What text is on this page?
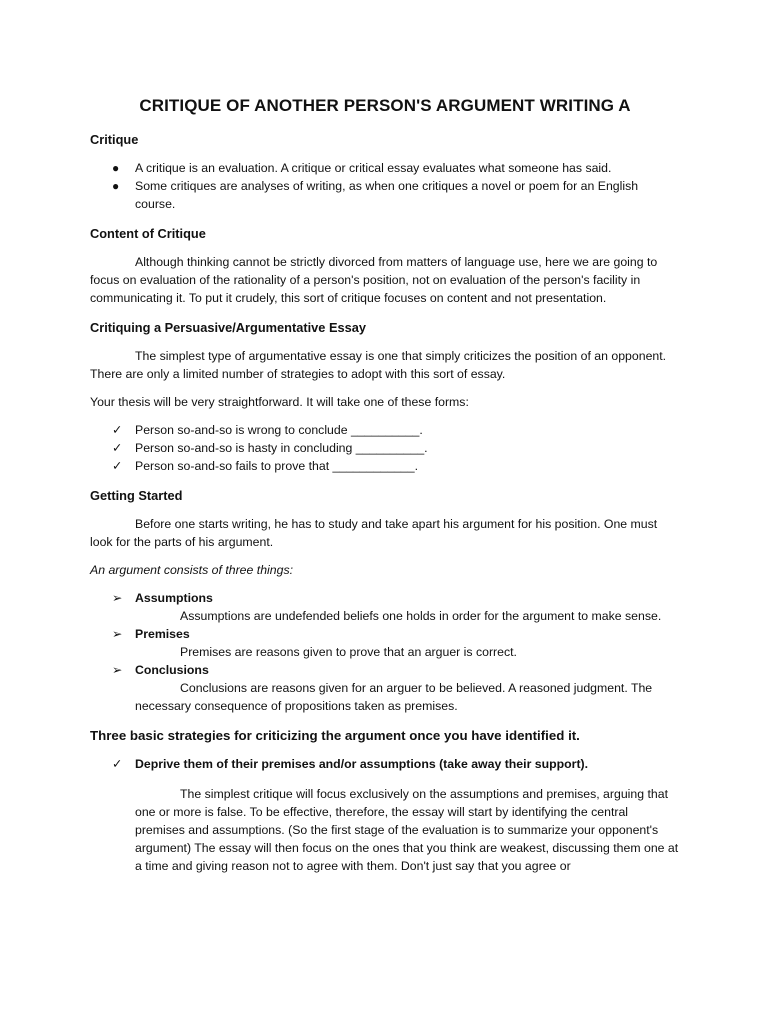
CRITIQUE OF ANOTHER PERSON'S ARGUMENT WRITING A
Critique
●	A critique is an evaluation. A critique or critical essay evaluates what someone has said.
●	Some critiques are analyses of writing, as when one critiques a novel or poem for an English course.
Content of Critique

Although thinking cannot be strictly divorced from matters of language use, here we are going to focus on evaluation of the rationality of a person's position, not on evaluation of the person's facility in communicating it. To put it crudely, this sort of critique focuses on content and not presentation.

Critiquing a Persuasive/Argumentative Essay

The simplest type of argumentative essay is one that simply criticizes the position of an opponent. There are only a limited number of strategies to adopt with this sort of essay.

Your thesis will be very straightforward. It will take one of these forms:

✓	Person so-and-so is wrong to conclude __________.
✓	Person so-and-so is hasty in concluding __________.
✓	Person so-and-so fails to prove that ____________.
Getting Started

Before one starts writing, he has to study and take apart his argument for his position. One must look for the parts of his argument.

An argument consists of three things:

➢	Assumptions
Assumptions are undefended beliefs one holds in order for the argument to make sense.
➢	Premises
Premises are reasons given to prove that an arguer is correct.
➢	Conclusions
Conclusions are reasons given for an arguer to be believed. A reasoned judgment. The necessary consequence of propositions taken as premises.
Three basic strategies for criticizing the argument once you have identified it.
✓	Deprive them of their premises and/or assumptions (take away their support).

The simplest critique will focus exclusively on the assumptions and premises, arguing that one or more is false. To be effective, therefore, the essay will start by identifying the central premises and assumptions. (So the first stage of the evaluation is to summarize your opponent's argument) The essay will then focus on the ones that you think are weakest, discussing them one at a time and giving reason not to agree with them. Don't just say that you agree or
